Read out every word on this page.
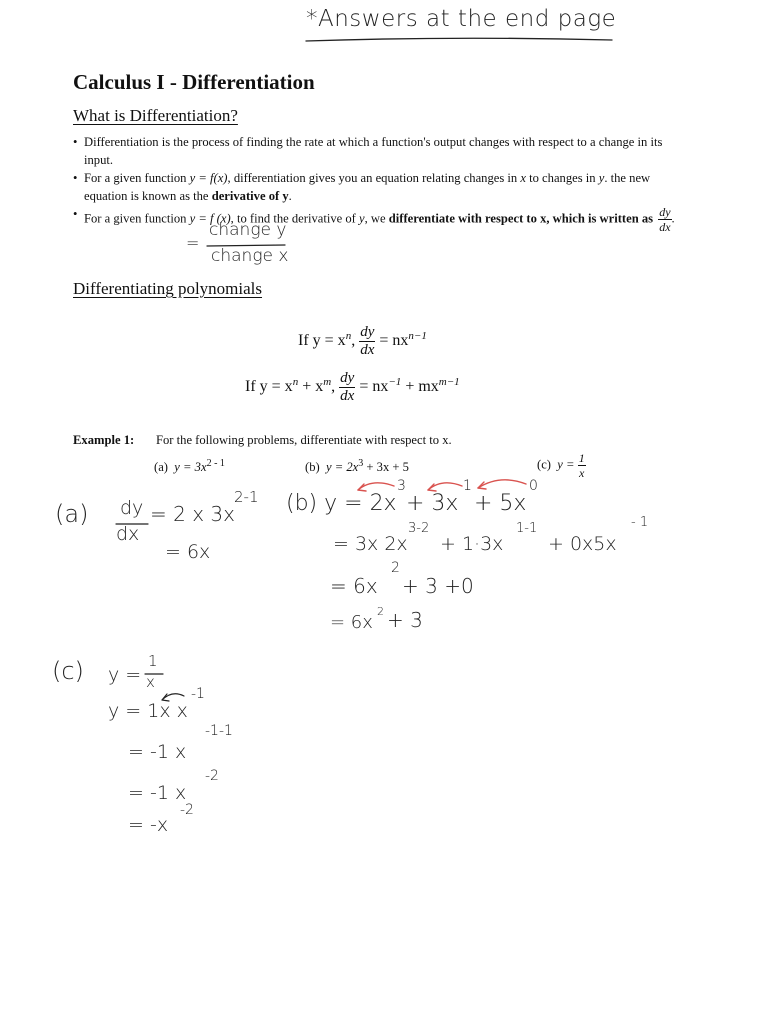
*Answers at the end page
Calculus I - Differentiation
What is Differentiation?
• Differentiation is the process of finding the rate at which a function's output changes with respect to a change in its input.
• For a given function y = f(x), differentiation gives you an equation relating changes in x to changes in y. the new equation is known as the derivative of y.
• For a given function y = f (x), to find the derivative of y, we differentiate with respect to x, which is written as $\frac{dy}{dx}$ .
=
change y
change x
Differentiating polynomials
If $y = x^n$, $\frac{dy}{dx} = nx^{n-1}$
If $y = x^n + x^m$, $\frac{dy}{dx} = nx^{-1} + mx^{m-1}$
Example 1: For the following problems, differentiate with respect to x.
(a) $y = 3x^{2 - 1}$	(b) $y = 2x^3 + 3x + 5$	(c) $y = \frac{1}{x}$
(a) dy
dx
= 2 x 3x
2-1
= 6x
(b) y = 2x
3
+ 3x
1
+ 5x
0
= 3x 2x
3-2
+ 1·3x
1-1
+ 0x5x
- 1
= 6x
2
+ 3 +0
= 6x
2 + 3
(c) y =
1
x
y = 1x x
-1
= -1 x
-1-1
= -1 x
-2
= -x
-2
